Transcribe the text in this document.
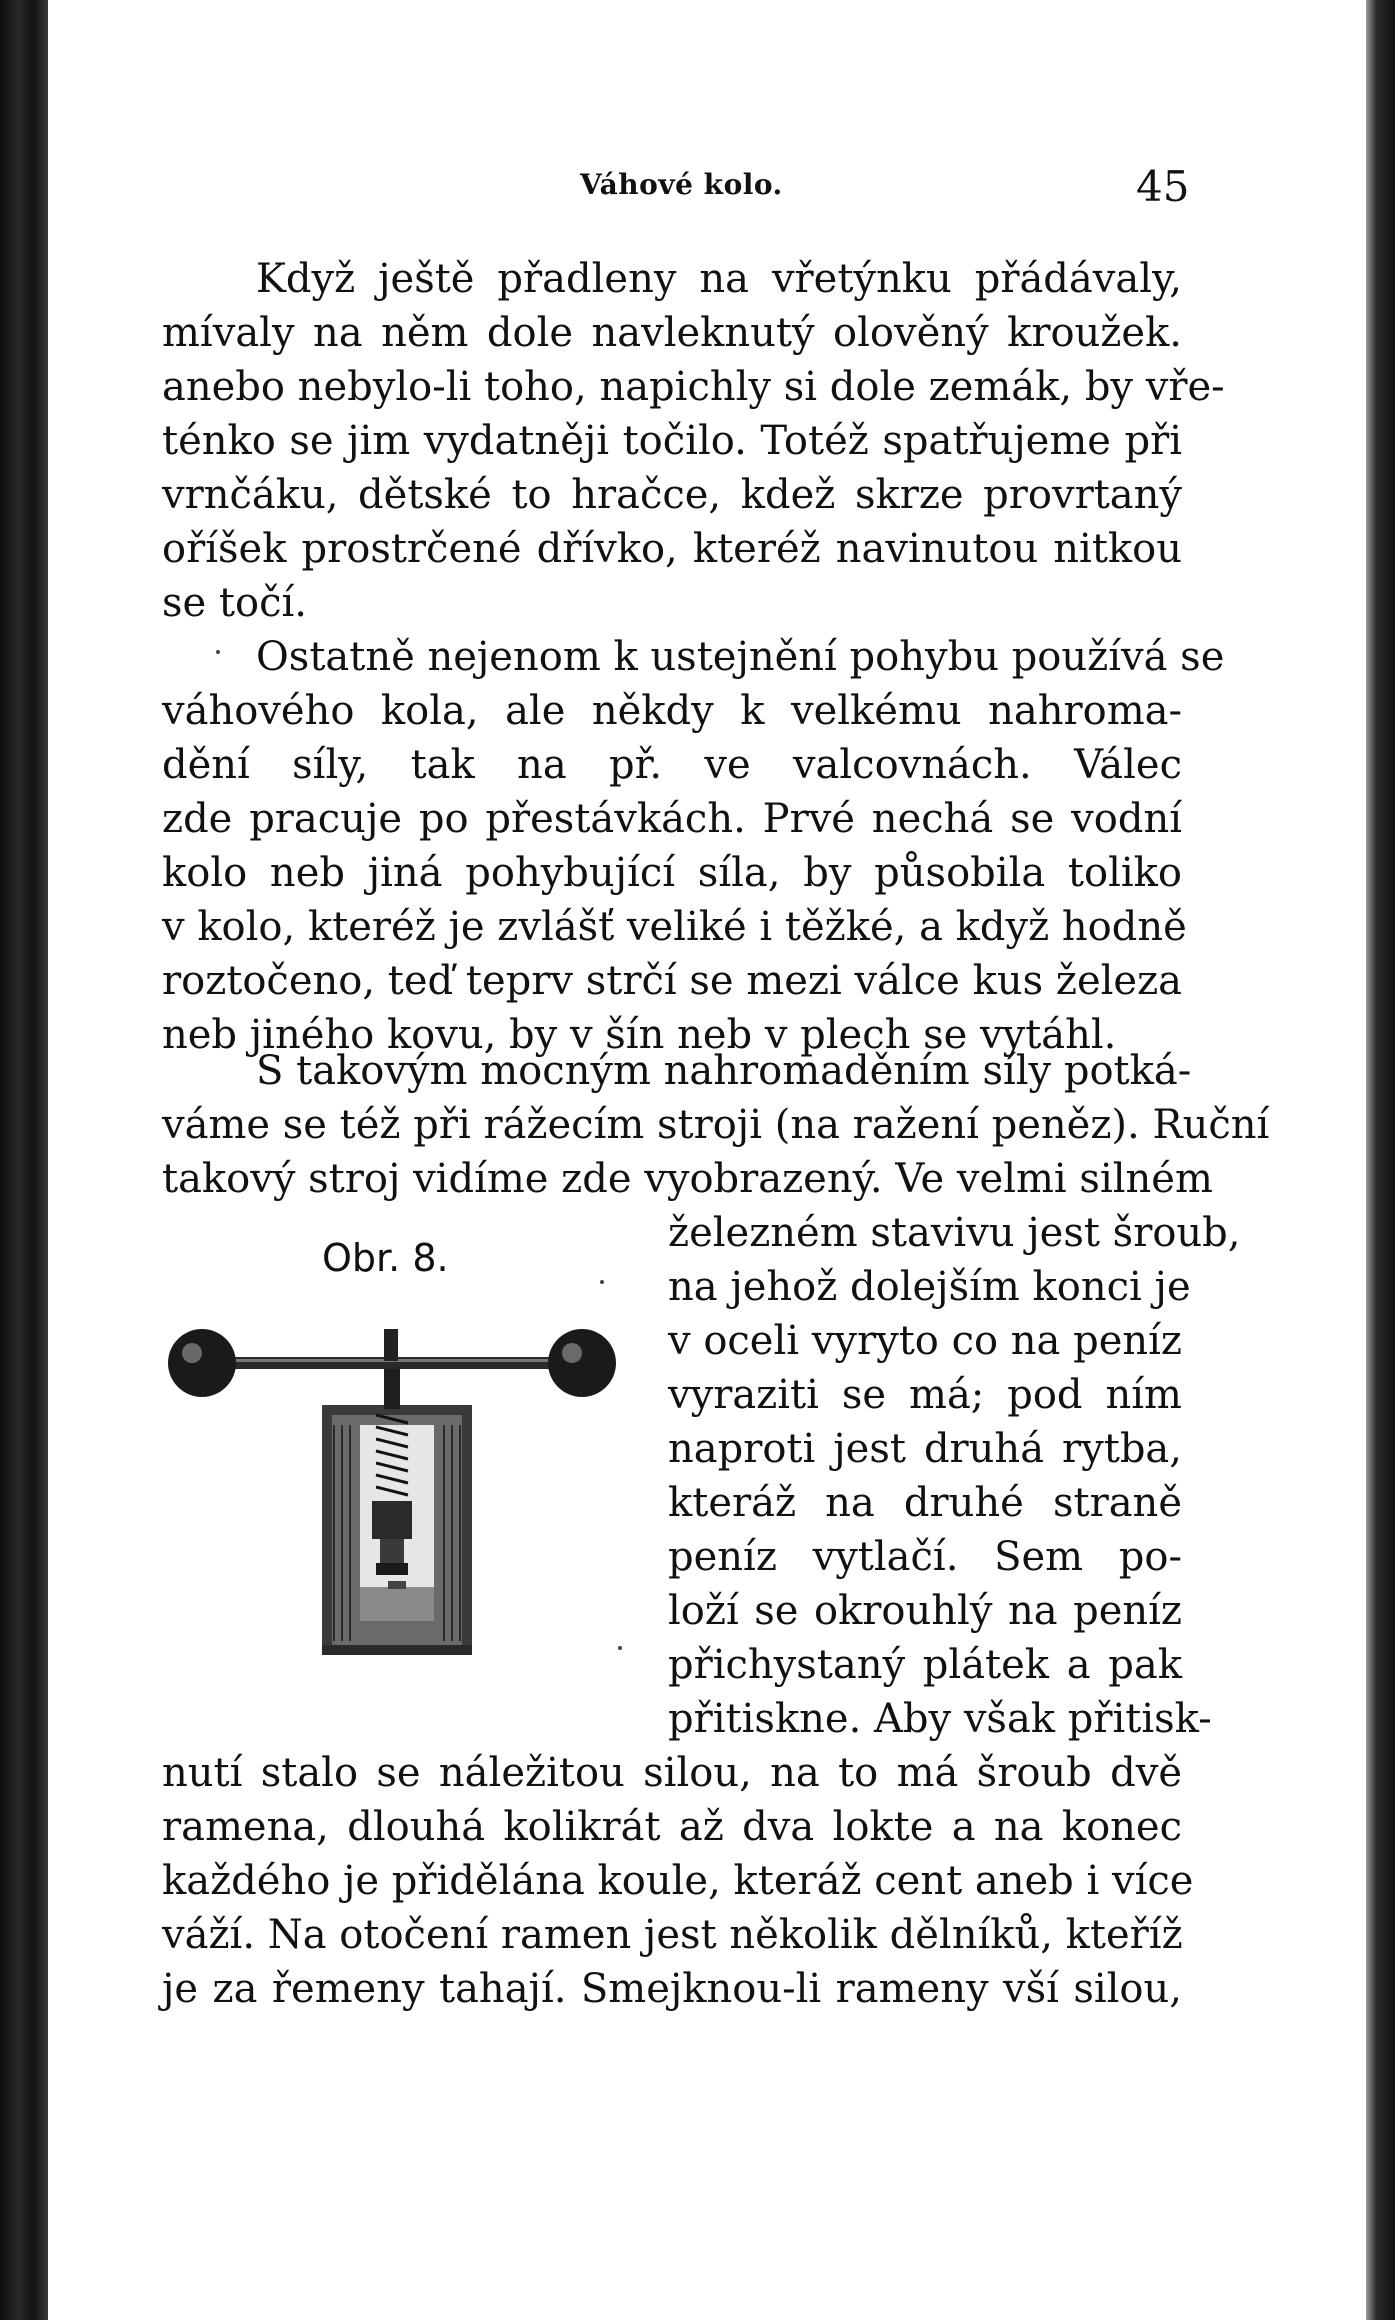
Váhové kolo.	45
Když ještě přadleny na vřetýnku přádávaly,
mívaly na něm dole navleknutý olověný kroužek.
anebo nebylo-li toho, napichly si dole zemák, by vře-
ténko se jim vydatněji točilo. Totéž spatřujeme při
vrnčáku, dětské to hračce, kdež skrze provrtaný
oříšek prostrčené dřívko, kteréž navinutou nitkou
se točí.
Ostatně nejenom k ustejnění pohybu používá se
váhového kola, ale někdy k velkému nahroma-
dění síly, tak na př. ve valcovnách. Válec
zde pracuje po přestávkách. Prvé nechá se vodní
kolo neb jiná pohybující síla, by působila toliko
v kolo, kteréž je zvlášť veliké i těžké, a když hodně
roztočeno, teď teprv strčí se mezi válce kus železa
neb jiného kovu, by v šín neb v plech se vytáhl.
S takovým mocným nahromaděním síly potká-
váme se též při rážecím stroji (na ražení peněz). Ruční
takový stroj vidíme zde vyobrazený. Ve velmi silném
Obr. 8.
železném stavivu jest šroub,
na jehož dolejším konci je
v oceli vyryto co na peníz
vyraziti se má; pod ním
naproti jest druhá rytba,
kteráž na druhé straně
peníz vytlačí. Sem po-
loží se okrouhlý na peníz
přichystaný plátek a pak
přitiskne. Aby však přitisk-
nutí stalo se náležitou silou, na to má šroub dvě
ramena, dlouhá kolikrát až dva lokte a na konec
každého je přidělána koule, kteráž cent aneb i více
váží. Na otočení ramen jest několik dělníků, kteříž
je za řemeny tahají. Smejknou-li rameny vší silou,
